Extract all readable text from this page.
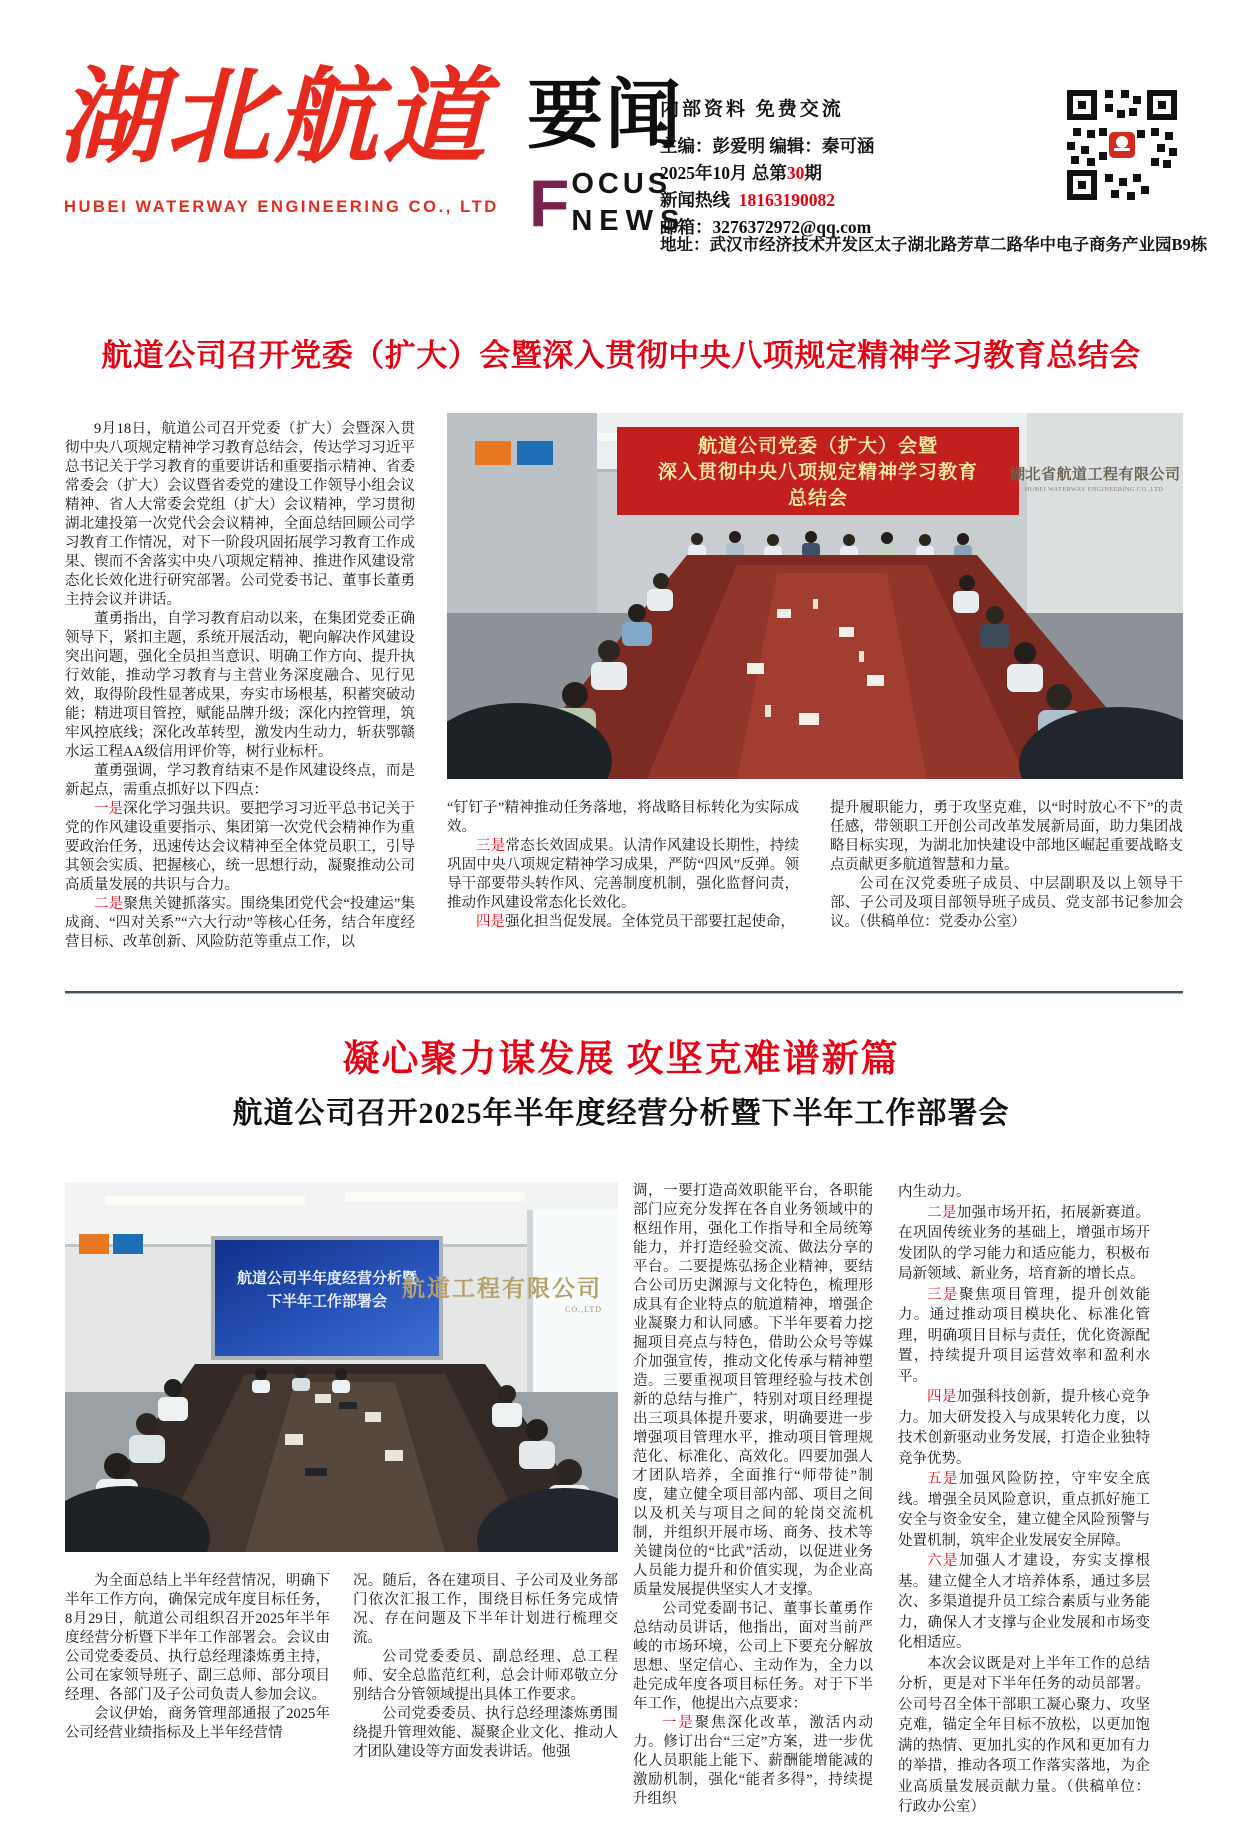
湖北航道
HUBEI WATERWAY ENGINEERING CO., LTD
要闻
F OCUS
NEWS
内部资料 免费交流
主编：彭爱明 编辑：秦可涵
2025年10月 总第30期
新闻热线 18163190082
邮箱：3276372972@qq.com
地址：武汉市经济技术开发区太子湖北路芳草二路华中电子商务产业园B9栋
航道公司召开党委（扩大）会暨深入贯彻中央八项规定精神学习教育总结会

9月18日，航道公司召开党委（扩大）会暨深入贯彻中央八项规定精神学习教育总结会，传达学习习近平总书记关于学习教育的重要讲话和重要指示精神、省委常委会（扩大）会议暨省委党的建设工作领导小组会议精神、省人大常委会党组（扩大）会议精神，学习贯彻湖北建投第一次党代会会议精神，全面总结回顾公司学习教育工作情况，对下一阶段巩固拓展学习教育工作成果、锲而不舍落实中央八项规定精神、推进作风建设常态化长效化进行研究部署。公司党委书记、董事长董勇主持会议并讲话。

董勇指出，自学习教育启动以来，在集团党委正确领导下，紧扣主题，系统开展活动，靶向解决作风建设突出问题，强化全员担当意识、明确工作方向、提升执行效能，推动学习教育与主营业务深度融合、见行见效，取得阶段性显著成果，夯实市场根基，积蓄突破动能；精进项目管控，赋能品牌升级；深化内控管理，筑牢风控底线；深化改革转型，激发内生动力，斩获鄂赣水运工程AA级信用评价等，树行业标杆。

董勇强调，学习教育结束不是作风建设终点，而是新起点，需重点抓好以下四点：

一是深化学习强共识。要把学习习近平总书记关于党的作风建设重要指示、集团第一次党代会精神作为重要政治任务，迅速传达会议精神至全体党员职工，引导其领会实质、把握核心，统一思想行动，凝聚推动公司高质量发展的共识与合力。

二是聚焦关键抓落实。围绕集团党代会“投建运”集成商、“四对关系”“六大行动”等核心任务，结合年度经营目标、改革创新、风险防范等重点工作，以

航道公司党委（扩大）会暨
深入贯彻中央八项规定精神学习教育
总结会
湖北省航道工程有限公司
HUBEI WATERWAY ENGINEERING CO.,LTD

“钉钉子”精神推动任务落地，将战略目标转化为实际成效。

三是常态长效固成果。认清作风建设长期性，持续巩固中央八项规定精神学习成果，严防“四风”反弹。领导干部要带头转作风、完善制度机制，强化监督问责，推动作风建设常态化长效化。

四是强化担当促发展。全体党员干部要扛起使命，

提升履职能力，勇于攻坚克难，以“时时放心不下”的责任感，带领职工开创公司改革发展新局面，助力集团战略目标实现，为湖北加快建设中部地区崛起重要战略支点贡献更多航道智慧和力量。

公司在汉党委班子成员、中层副职及以上领导干部、子公司及项目部领导班子成员、党支部书记参加会议。（供稿单位：党委办公室）

凝心聚力谋发展 攻坚克难谱新篇
航道公司召开2025年半年度经营分析暨下半年工作部署会
航道公司半年度经营分析暨
下半年工作部署会
航道工程有限公司
CO.,LTD

为全面总结上半年经营情况，明确下半年工作方向，确保完成年度目标任务，8月29日，航道公司组织召开2025年半年度经营分析暨下半年工作部署会。会议由公司党委委员、执行总经理漆炼勇主持，公司在家领导班子、副三总师、部分项目经理、各部门及子公司负责人参加会议。

会议伊始，商务管理部通报了2025年公司经营业绩指标及上半年经营情

况。随后，各在建项目、子公司及业务部门依次汇报工作，围绕目标任务完成情况、存在问题及下半年计划进行梳理交流。

公司党委委员、副总经理、总工程师、安全总监范红利，总会计师邓敬立分别结合分管领域提出具体工作要求。

公司党委委员、执行总经理漆炼勇围绕提升管理效能、凝聚企业文化、推动人才团队建设等方面发表讲话。他强

调，一要打造高效职能平台，各职能部门应充分发挥在各自业务领域中的枢纽作用，强化工作指导和全局统筹能力，并打造经验交流、做法分享的平台。二要提炼弘扬企业精神，要结合公司历史渊源与文化特色，梳理形成具有企业特点的航道精神，增强企业凝聚力和认同感。下半年要着力挖掘项目亮点与特色，借助公众号等媒介加强宣传，推动文化传承与精神塑造。三要重视项目管理经验与技术创新的总结与推广，特别对项目经理提出三项具体提升要求，明确要进一步增强项目管理水平，推动项目管理规范化、标准化、高效化。四要加强人才团队培养，全面推行“师带徒”制度，建立健全项目部内部、项目之间以及机关与项目之间的轮岗交流机制，并组织开展市场、商务、技术等关键岗位的“比武”活动，以促进业务人员能力提升和价值实现，为企业高质量发展提供坚实人才支撑。

公司党委副书记、董事长董勇作总结动员讲话，他指出，面对当前严峻的市场环境，公司上下要充分解放思想、坚定信心、主动作为，全力以赴完成年度各项目标任务。对于下半年工作，他提出六点要求：

一是聚焦深化改革，激活内动力。修订出台“三定”方案，进一步优化人员职能上能下、薪酬能增能减的激励机制，强化“能者多得”，持续提升组织

内生动力。

二是加强市场开拓，拓展新赛道。在巩固传统业务的基础上，增强市场开发团队的学习能力和适应能力，积极布局新领域、新业务，培育新的增长点。

三是聚焦项目管理，提升创效能力。通过推动项目模块化、标准化管理，明确项目目标与责任，优化资源配置，持续提升项目运营效率和盈利水平。

四是加强科技创新，提升核心竞争力。加大研发投入与成果转化力度，以技术创新驱动业务发展，打造企业独特竞争优势。

五是加强风险防控，守牢安全底线。增强全员风险意识，重点抓好施工安全与资金安全，建立健全风险预警与处置机制，筑牢企业发展安全屏障。

六是加强人才建设，夯实支撑根基。建立健全人才培养体系，通过多层次、多渠道提升员工综合素质与业务能力，确保人才支撑与企业发展和市场变化相适应。

本次会议既是对上半年工作的总结分析，更是对下半年任务的动员部署。公司号召全体干部职工凝心聚力、攻坚克难，锚定全年目标不放松，以更加饱满的热情、更加扎实的作风和更加有力的举措，推动各项工作落实落地，为企业高质量发展贡献力量。（供稿单位：行政办公室）
